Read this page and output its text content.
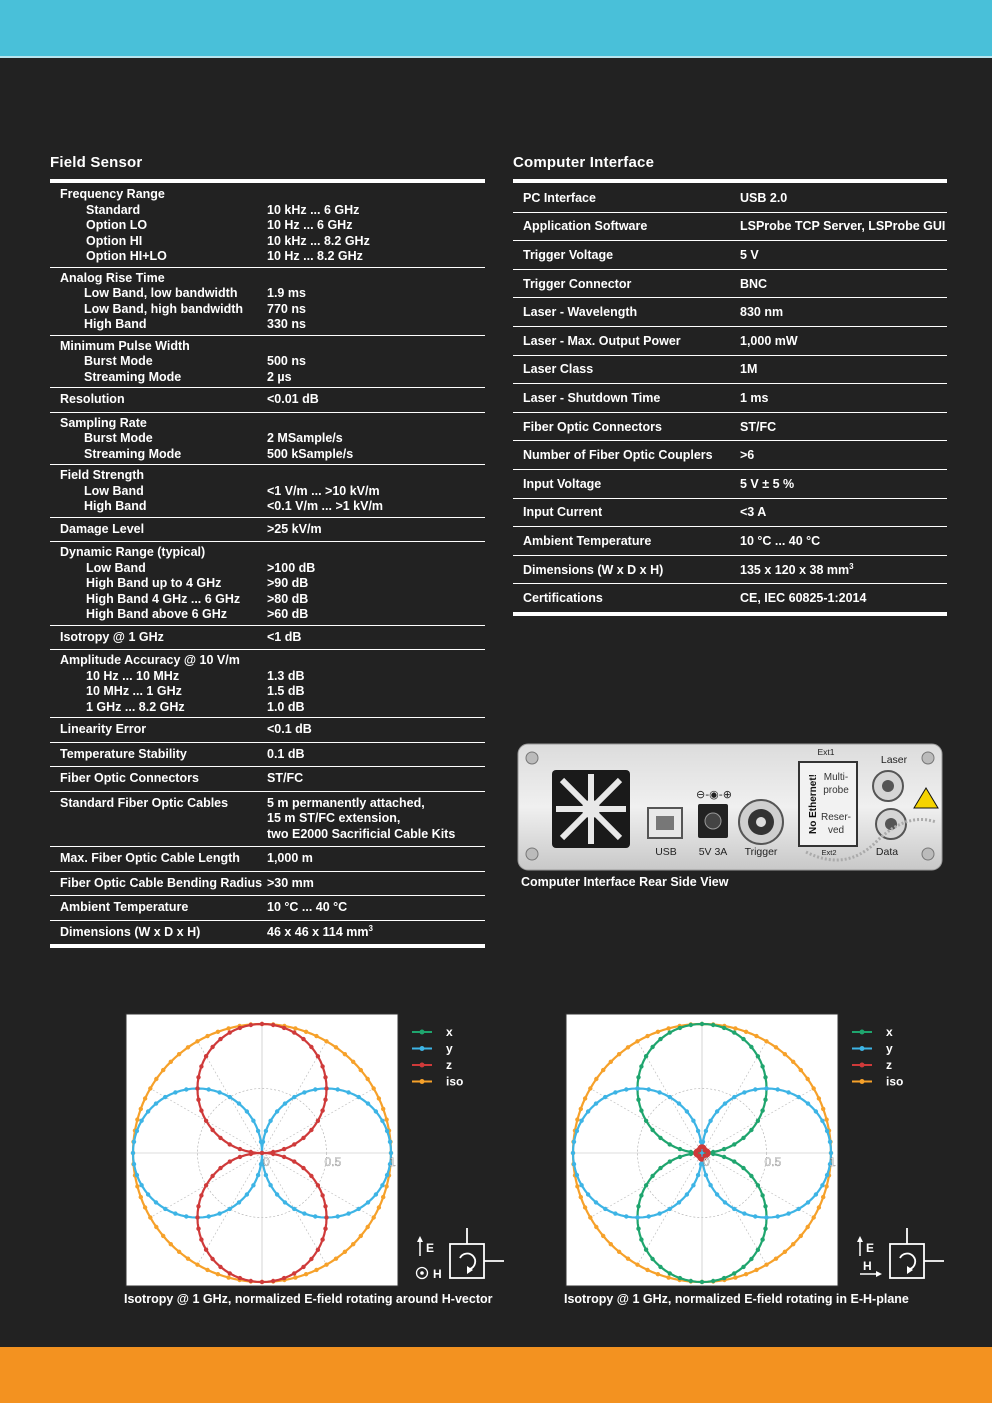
Field Sensor
Frequency Range
Standard	10 kHz ... 6 GHz
Option LO	10 Hz ... 6 GHz
Option HI	10 kHz ... 8.2 GHz
Option HI+LO	10 Hz ... 8.2 GHz
Analog Rise Time
Low Band, low bandwidth	1.9 ms
Low Band, high bandwidth	770 ns
High Band	330 ns
Minimum Pulse Width
Burst Mode	500 ns
Streaming Mode	2 µs
Resolution	<0.01 dB
Sampling Rate
Burst Mode	2 MSample/s
Streaming Mode	500 kSample/s
Field Strength
Low Band	<1 V/m ... >10 kV/m
High Band	<0.1 V/m ... >1 kV/m
Damage Level	>25 kV/m
Dynamic Range (typical)
Low Band	>100 dB
High Band up to 4 GHz	>90 dB
High Band 4 GHz ... 6 GHz	>80 dB
High Band above 6 GHz	>60 dB
Isotropy @ 1 GHz	<1 dB
Amplitude Accuracy @ 10 V/m
10 Hz ... 10 MHz	1.3 dB
10 MHz ... 1 GHz	1.5 dB
1 GHz ... 8.2 GHz	1.0 dB
Linearity Error	<0.1 dB
Temperature Stability	0.1 dB
Fiber Optic Connectors	ST/FC
Standard Fiber Optic Cables	5 m permanently attached,
15 m ST/FC extension,
two E2000 Sacrificial Cable Kits
Max. Fiber Optic Cable Length	1,000 m
Fiber Optic Cable Bending Radius >30 mm
Ambient Temperature	10 °C ... 40 °C
Dimensions (W x D x H)	46 x 46 x 114 $mm^3$
Computer Interface
PC Interface	USB 2.0
Application Software	LSProbe TCP Server, LSProbe GUI
Trigger Voltage	5 V
Trigger Connector	BNC
Laser - Wavelength	830 nm
Laser - Max. Output Power	1,000 mW
Laser Class	1M
Laser - Shutdown Time	1 ms
Fiber Optic Connectors	ST/FC
Number of Fiber Optic Couplers	>6
Input Voltage	5 V ± 5 %
Input Current	<3 A
Ambient Temperature	10 °C ... 40 °C
Dimensions (W x D x H)	135 x 120 x 38 $mm^3$
Certifications	CE, IEC 60825-1:2014
USB
⊖-◉-⊕
5V 3A Trigger
Ext1
No Ethernet! Multi-
probe
Reser-
ved
Ext2
Laser
Data
Computer Interface Rear Side View
0	0.5	1
x
y
z
iso
E
H
Isotropy @ 1 GHz, normalized E-field rotating around H-vector
0	0.5	1
x
y
z
iso
E
H
Isotropy @ 1 GHz, normalized E-field rotating in E-H-plane
